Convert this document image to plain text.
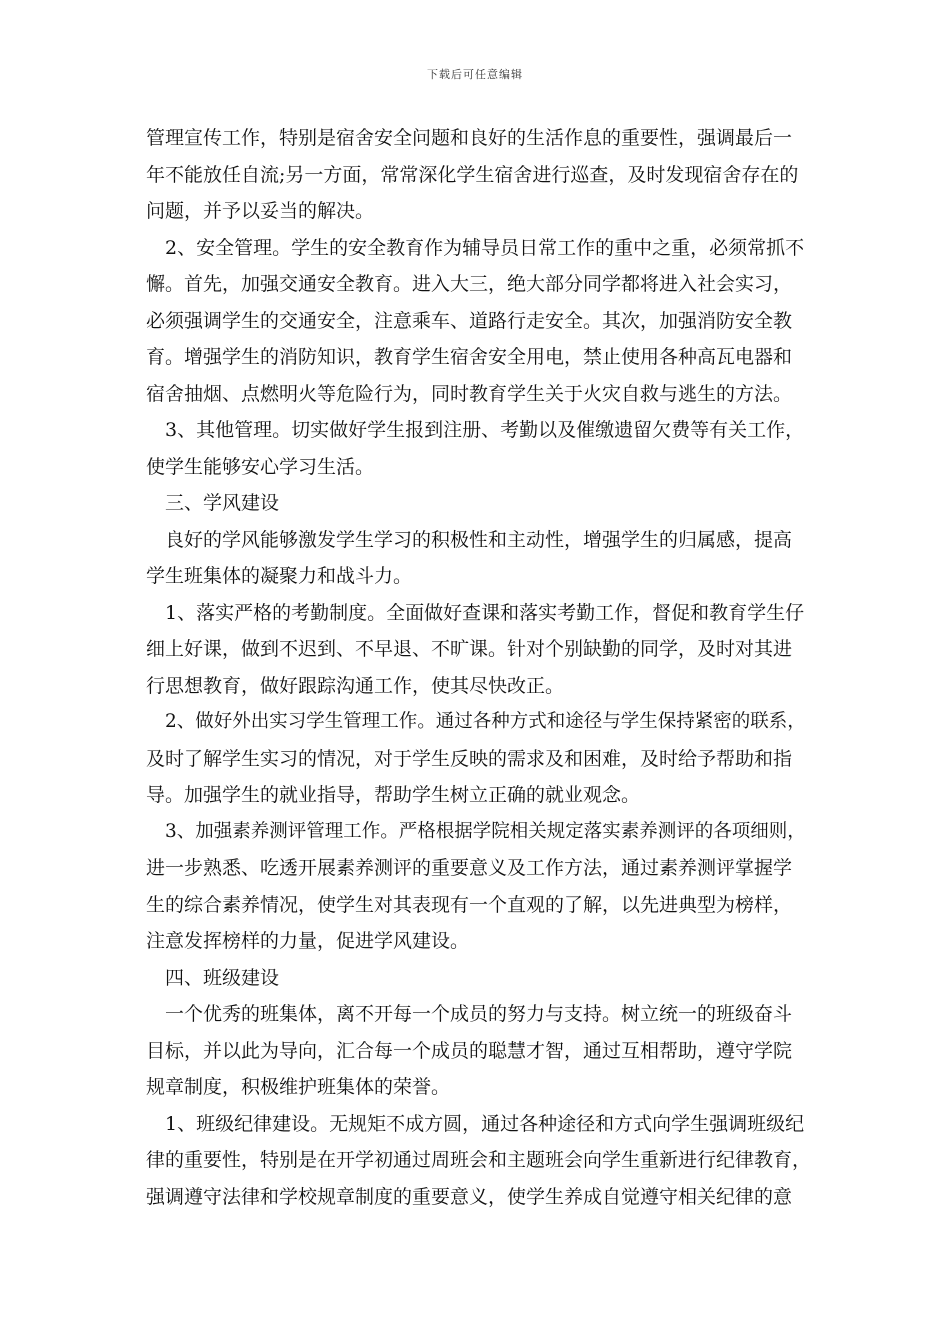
下载后可任意编辑
管理宣传工作，特别是宿舍安全问题和良好的生活作息的重要性，强调最后一
年不能放任自流;另一方面，常常深化学生宿舍进行巡查，及时发现宿舍存在的
问题，并予以妥当的解决。
2、安全管理。学生的安全教育作为辅导员日常工作的重中之重，必须常抓不
懈。首先，加强交通安全教育。进入大三，绝大部分同学都将进入社会实习，
必须强调学生的交通安全，注意乘车、道路行走安全。其次，加强消防安全教
育。增强学生的消防知识，教育学生宿舍安全用电，禁止使用各种高瓦电器和
宿舍抽烟、点燃明火等危险行为，同时教育学生关于火灾自救与逃生的方法。
3、其他管理。切实做好学生报到注册、考勤以及催缴遗留欠费等有关工作，
使学生能够安心学习生活。
三、学风建设
良好的学风能够激发学生学习的积极性和主动性，增强学生的归属感，提高
学生班集体的凝聚力和战斗力。
1、落实严格的考勤制度。全面做好查课和落实考勤工作，督促和教育学生仔
细上好课，做到不迟到、不早退、不旷课。针对个别缺勤的同学，及时对其进
行思想教育，做好跟踪沟通工作，使其尽快改正。
2、做好外出实习学生管理工作。通过各种方式和途径与学生保持紧密的联系，
及时了解学生实习的情况，对于学生反映的需求及和困难，及时给予帮助和指
导。加强学生的就业指导，帮助学生树立正确的就业观念。
3、加强素养测评管理工作。严格根据学院相关规定落实素养测评的各项细则，
进一步熟悉、吃透开展素养测评的重要意义及工作方法，通过素养测评掌握学
生的综合素养情况，使学生对其表现有一个直观的了解，以先进典型为榜样，
注意发挥榜样的力量，促进学风建设。
四、班级建设
一个优秀的班集体，离不开每一个成员的努力与支持。树立统一的班级奋斗
目标，并以此为导向，汇合每一个成员的聪慧才智，通过互相帮助，遵守学院
规章制度，积极维护班集体的荣誉。
1、班级纪律建设。无规矩不成方圆，通过各种途径和方式向学生强调班级纪
律的重要性，特别是在开学初通过周班会和主题班会向学生重新进行纪律教育，
强调遵守法律和学校规章制度的重要意义，使学生养成自觉遵守相关纪律的意
